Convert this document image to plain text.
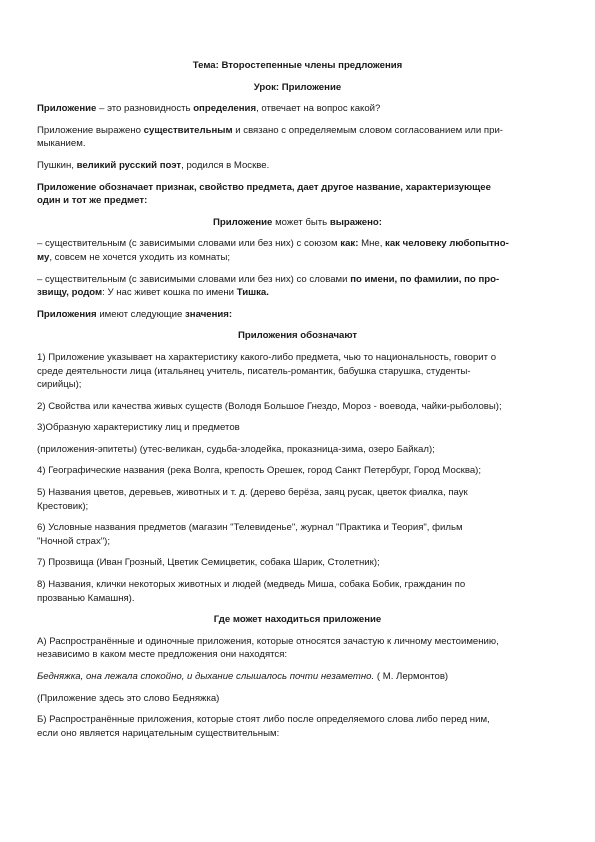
Тема: Второстепенные члены предложения

Урок: Приложение

Приложение – это разновидность определения, отвечает на вопрос какой?

Приложение выражено существительным и связано с определяемым словом согласованием или при-
мыканием.

Пушкин, великий русский поэт, родился в Москве.

Приложение обозначает признак, свойство предмета, дает другое название, характеризующее
один и тот же предмет:

Приложение может быть выражено:

– существительным (с зависимыми словами или без них) с союзом как: Мне, как человеку любопытно-
му, совсем не хочется уходить из комнаты;

– существительным (с зависимыми словами или без них) со словами по имени, по фамилии, по про-
звищу, родом: У нас живет кошка по имени Тишка.

Приложения имеют следующие значения:

Приложения обозначают

1) Приложение указывает на характеристику какого-либо предмета, чью то национальность, говорит о
среде деятельности лица (итальянец учитель, писатель-романтик, бабушка старушка, студенты-
сирийцы);

2) Свойства или качества живых существ (Володя Большое Гнездо, Мороз - воевода, чайки-рыболовы);

3)Образную характеристику лиц и предметов

(приложения-эпитеты) (утес-великан, судьба-злодейка, проказница-зима, озеро Байкал);

4) Географические названия (река Волга, крепость Орешек, город Санкт Петербург, Город Москва);

5) Названия цветов, деревьев, животных и т. д. (дерево берёза, заяц русак, цветок фиалка, паук
Крестовик);

6) Условные названия предметов (магазин "Телевиденье", журнал "Практика и Теория", фильм
"Ночной страх");

7) Прозвища (Иван Грозный, Цветик Семицветик, собака Шарик, Столетник);

8) Названия, клички некоторых животных и людей (медведь Миша, собака Бобик, гражданин по
прозванью Камашня).

Где может находиться приложение

А) Распространённые и одиночные приложения, которые относятся зачастую к личному местоимению,
независимо в каком месте предложения они находятся:

Бедняжка, она лежала спокойно, и дыхание слышалось почти незаметно. ( М. Лермонтов)

(Приложение здесь это слово Бедняжка)

Б) Распространённые приложения, которые стоят либо после определяемого слова либо перед ним,
если оно является нарицательным существительным:
